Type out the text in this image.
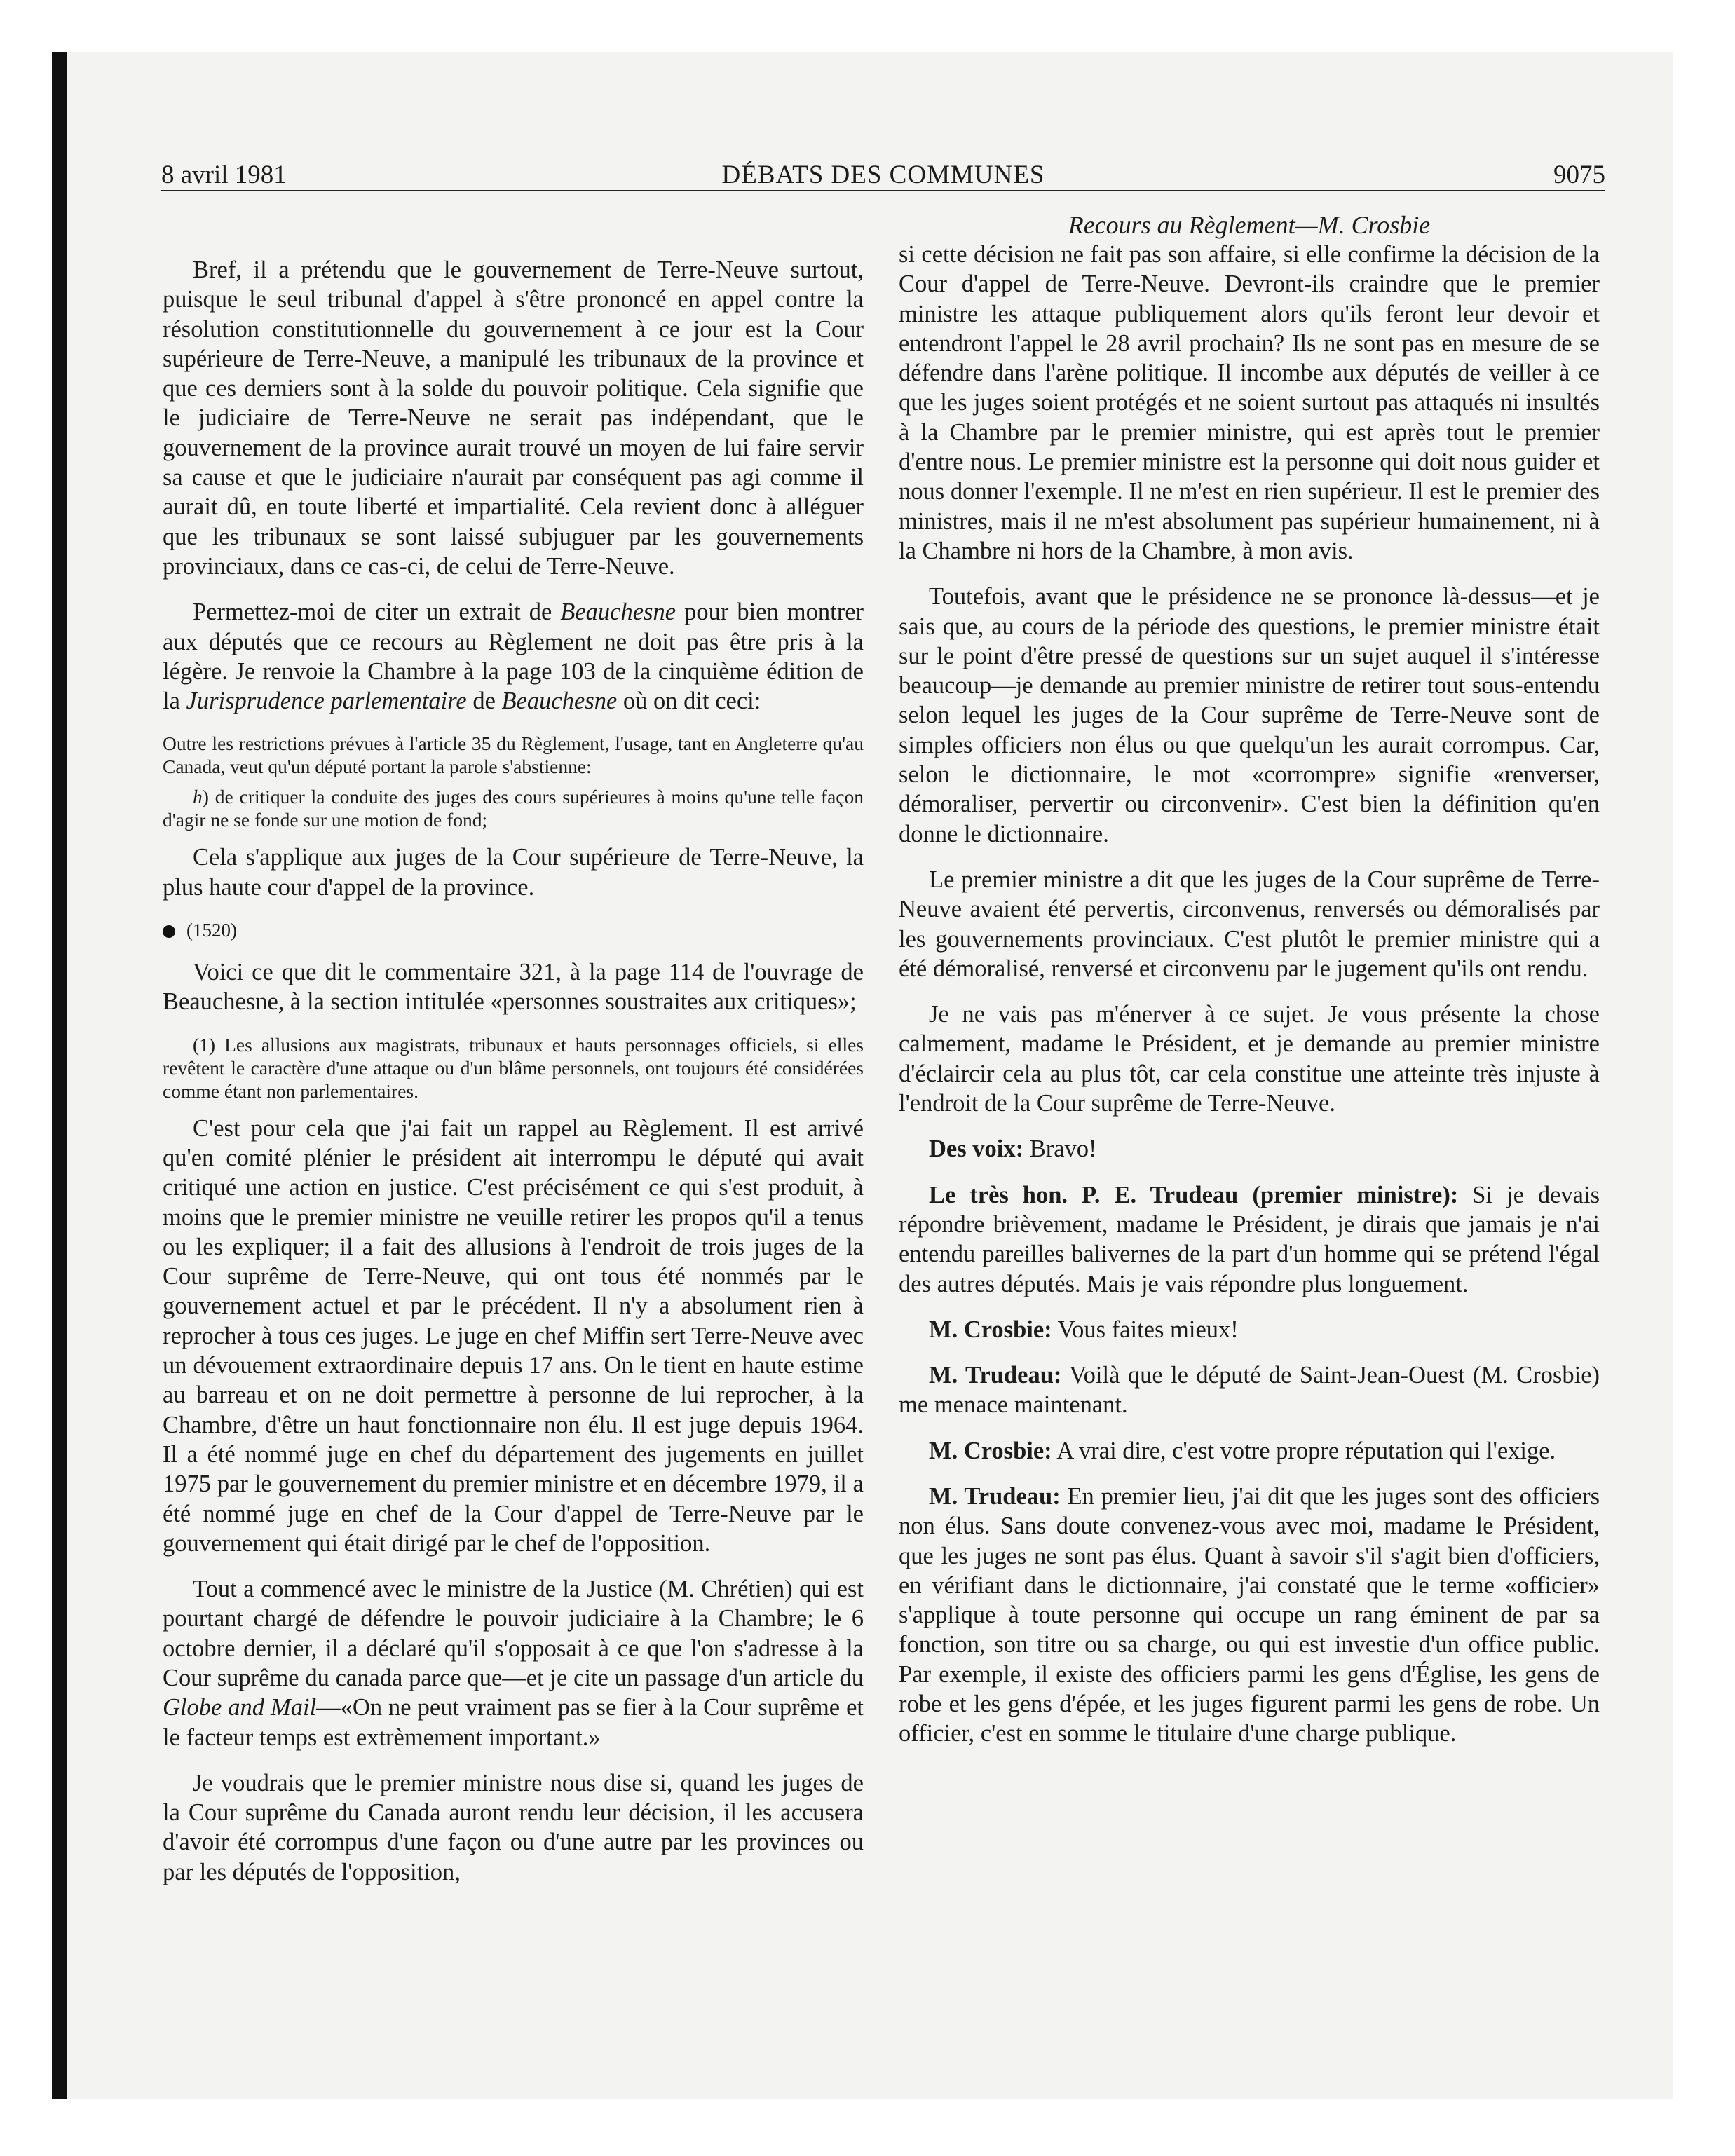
8 avril 1981	DÉBATS DES COMMUNES	9075

Bref, il a prétendu que le gouvernement de Terre-Neuve surtout, puisque le seul tribunal d'appel à s'être prononcé en appel contre la résolution constitutionnelle du gouvernement à ce jour est la Cour supérieure de Terre-Neuve, a manipulé les tribunaux de la province et que ces derniers sont à la solde du pouvoir politique. Cela signifie que le judiciaire de Terre-Neuve ne serait pas indépendant, que le gouvernement de la province aurait trouvé un moyen de lui faire servir sa cause et que le judiciaire n'aurait par conséquent pas agi comme il aurait dû, en toute liberté et impartialité. Cela revient donc à alléguer que les tribunaux se sont laissé subjuguer par les gouvernements provinciaux, dans ce cas-ci, de celui de Terre-Neuve.

Permettez-moi de citer un extrait de Beauchesne pour bien montrer aux députés que ce recours au Règlement ne doit pas être pris à la légère. Je renvoie la Chambre à la page 103 de la cinquième édition de la Jurisprudence parlementaire de Beauchesne où on dit ceci:

Outre les restrictions prévues à l'article 35 du Règlement, l'usage, tant en Angleterre qu'au Canada, veut qu'un député portant la parole s'abstienne:
h) de critiquer la conduite des juges des cours supérieures à moins qu'une telle façon d'agir ne se fonde sur une motion de fond;

Cela s'applique aux juges de la Cour supérieure de Terre-Neuve, la plus haute cour d'appel de la province.

(1520)

Voici ce que dit le commentaire 321, à la page 114 de l'ouvrage de Beauchesne, à la section intitulée «personnes soustraites aux critiques»;

(1) Les allusions aux magistrats, tribunaux et hauts personnages officiels, si elles revêtent le caractère d'une attaque ou d'un blâme personnels, ont toujours été considérées comme étant non parlementaires.

C'est pour cela que j'ai fait un rappel au Règlement. Il est arrivé qu'en comité plénier le président ait interrompu le député qui avait critiqué une action en justice. C'est précisément ce qui s'est produit, à moins que le premier ministre ne veuille retirer les propos qu'il a tenus ou les expliquer; il a fait des allusions à l'endroit de trois juges de la Cour suprême de Terre-Neuve, qui ont tous été nommés par le gouvernement actuel et par le précédent. Il n'y a absolument rien à reprocher à tous ces juges. Le juge en chef Miffin sert Terre-Neuve avec un dévouement extraordinaire depuis 17 ans. On le tient en haute estime au barreau et on ne doit permettre à personne de lui reprocher, à la Chambre, d'être un haut fonctionnaire non élu. Il est juge depuis 1964. Il a été nommé juge en chef du département des jugements en juillet 1975 par le gouvernement du premier ministre et en décembre 1979, il a été nommé juge en chef de la Cour d'appel de Terre-Neuve par le gouvernement qui était dirigé par le chef de l'opposition.

Tout a commencé avec le ministre de la Justice (M. Chrétien) qui est pourtant chargé de défendre le pouvoir judiciaire à la Chambre; le 6 octobre dernier, il a déclaré qu'il s'opposait à ce que l'on s'adresse à la Cour suprême du canada parce que—et je cite un passage d'un article du Globe and Mail—«On ne peut vraiment pas se fier à la Cour suprême et le facteur temps est extrèmement important.»

Je voudrais que le premier ministre nous dise si, quand les juges de la Cour suprême du Canada auront rendu leur décision, il les accusera d'avoir été corrompus d'une façon ou d'une autre par les provinces ou par les députés de l'opposition,

Recours au Règlement—M. Crosbie

si cette décision ne fait pas son affaire, si elle confirme la décision de la Cour d'appel de Terre-Neuve. Devront-ils craindre que le premier ministre les attaque publiquement alors qu'ils feront leur devoir et entendront l'appel le 28 avril prochain? Ils ne sont pas en mesure de se défendre dans l'arène politique. Il incombe aux députés de veiller à ce que les juges soient protégés et ne soient surtout pas attaqués ni insultés à la Chambre par le premier ministre, qui est après tout le premier d'entre nous. Le premier ministre est la personne qui doit nous guider et nous donner l'exemple. Il ne m'est en rien supérieur. Il est le premier des ministres, mais il ne m'est absolument pas supérieur humainement, ni à la Chambre ni hors de la Chambre, à mon avis.

Toutefois, avant que le présidence ne se prononce là-dessus—et je sais que, au cours de la période des questions, le premier ministre était sur le point d'être pressé de questions sur un sujet auquel il s'intéresse beaucoup—je demande au premier ministre de retirer tout sous-entendu selon lequel les juges de la Cour suprême de Terre-Neuve sont de simples officiers non élus ou que quelqu'un les aurait corrompus. Car, selon le dictionnaire, le mot «corrompre» signifie «renverser, démoraliser, pervertir ou circonvenir». C'est bien la définition qu'en donne le dictionnaire.

Le premier ministre a dit que les juges de la Cour suprême de Terre-Neuve avaient été pervertis, circonvenus, renversés ou démoralisés par les gouvernements provinciaux. C'est plutôt le premier ministre qui a été démoralisé, renversé et circonvenu par le jugement qu'ils ont rendu.

Je ne vais pas m'énerver à ce sujet. Je vous présente la chose calmement, madame le Président, et je demande au premier ministre d'éclaircir cela au plus tôt, car cela constitue une atteinte très injuste à l'endroit de la Cour suprême de Terre-Neuve.

Des voix: Bravo!

Le très hon. P. E. Trudeau (premier ministre): Si je devais répondre brièvement, madame le Président, je dirais que jamais je n'ai entendu pareilles balivernes de la part d'un homme qui se prétend l'égal des autres députés. Mais je vais répondre plus longuement.

M. Crosbie: Vous faites mieux!

M. Trudeau: Voilà que le député de Saint-Jean-Ouest (M. Crosbie) me menace maintenant.

M. Crosbie: A vrai dire, c'est votre propre réputation qui l'exige.

M. Trudeau: En premier lieu, j'ai dit que les juges sont des officiers non élus. Sans doute convenez-vous avec moi, madame le Président, que les juges ne sont pas élus. Quant à savoir s'il s'agit bien d'officiers, en vérifiant dans le dictionnaire, j'ai constaté que le terme «officier» s'applique à toute personne qui occupe un rang éminent de par sa fonction, son titre ou sa charge, ou qui est investie d'un office public. Par exemple, il existe des officiers parmi les gens d'Église, les gens de robe et les gens d'épée, et les juges figurent parmi les gens de robe. Un officier, c'est en somme le titulaire d'une charge publique.
